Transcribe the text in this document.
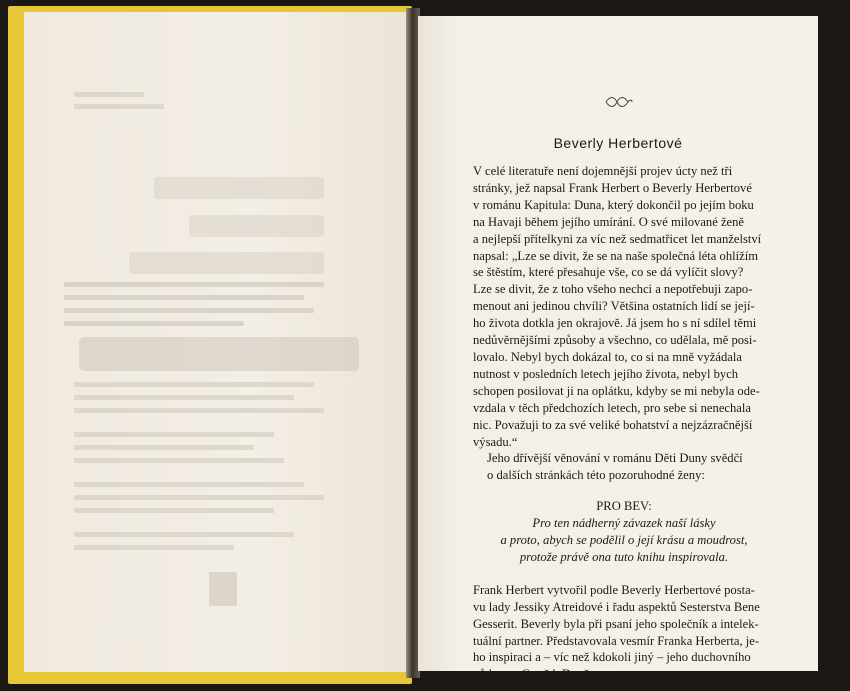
Beverly Herbertové

V celé literatuře není dojemnější projev úcty než tři
stránky, jež napsal Frank Herbert o Beverly Herbertové
v románu Kapitula: Duna, který dokončil po jejím boku
na Havaji během jejího umírání. O své milované ženě
a nejlepší přítelkyni za víc než sedmatřicet let manželství
napsal: „Lze se divit, že se na naše společná léta ohlížím
se štěstím, které přesahuje vše, co se dá vylíčit slovy?
Lze se divit, že z toho všeho nechci a nepotřebuji zapo-
menout ani jedinou chvíli? Většina ostatních lidí se její-
ho života dotkla jen okrajově. Já jsem ho s ní sdílel těmi
nedůvěrnějšími způsoby a všechno, co udělala, mě posi-
lovalo. Nebyl bych dokázal to, co si na mně vyžádala
nutnost v posledních letech jejího života, nebyl bych
schopen posilovat ji na oplátku, kdyby se mi nebyla ode-
vzdala v těch předchozích letech, pro sebe si nenechala
nic. Považuji to za své veliké bohatství a nejzázračnější
výsadu.“

Jeho dřívější věnování v románu Děti Duny svědčí
o dalších stránkách této pozoruhodné ženy:

PRO BEV:
Pro ten nádherný závazek naší lásky
a proto, abych se podělil o její krásu a moudrost,
protože právě ona tuto knihu inspirovala.

Frank Herbert vytvořil podle Beverly Herbertové posta-
vu lady Jessiky Atreidové i řadu aspektů Sesterstva Bene
Gesserit. Beverly byla při psaní jeho společník a intelek-
tuální partner. Představovala vesmír Franka Herberta, je-
ho inspiraci a – víc než kdokoli jiný – jeho duchovního
vůdce na Cestě k Duně.
